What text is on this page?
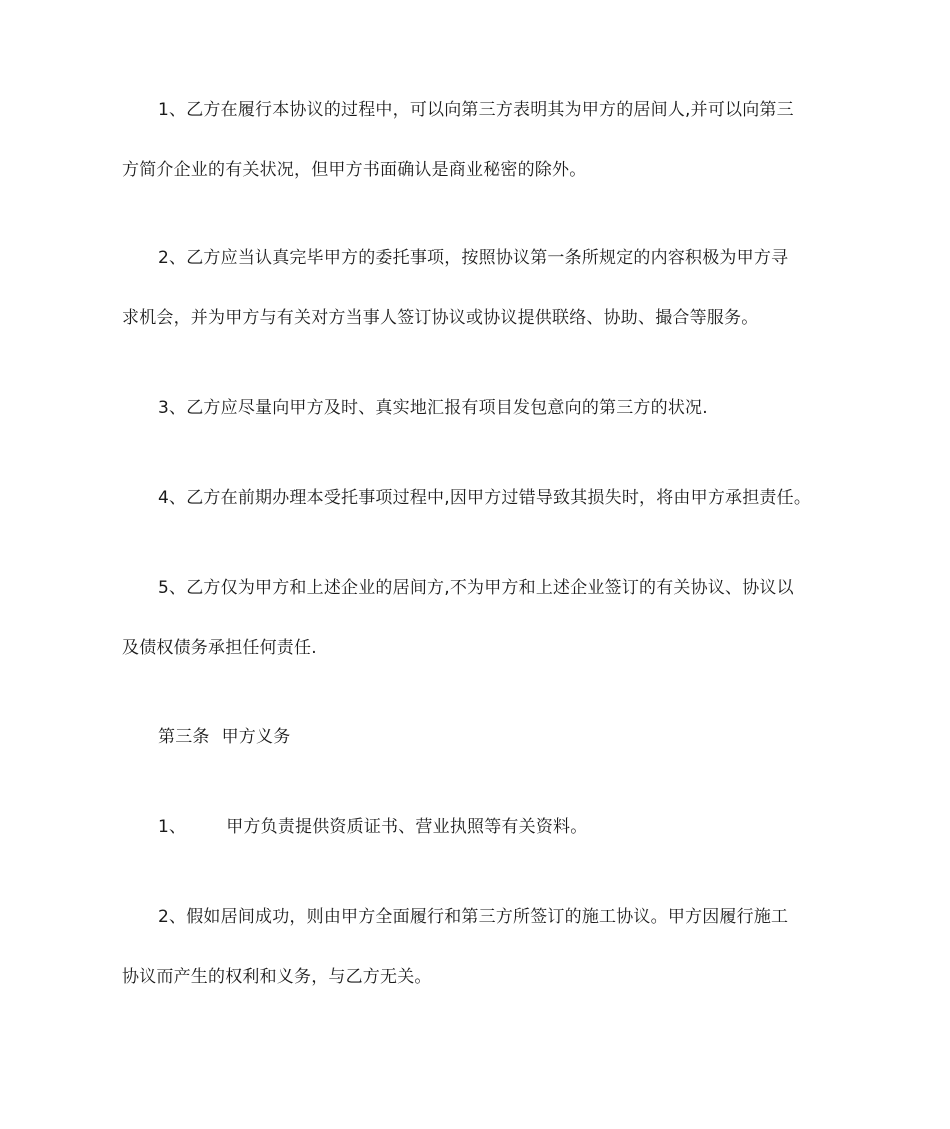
1、乙方在履行本协议的过程中，可以向第三方表明其为甲方的居间人,并可以向第三
方简介企业的有关状况，但甲方书面确认是商业秘密的除外。

2、乙方应当认真完毕甲方的委托事项，按照协议第一条所规定的内容积极为甲方寻
求机会，并为甲方与有关对方当事人签订协议或协议提供联络、协助、撮合等服务。

3、乙方应尽量向甲方及时、真实地汇报有项目发包意向的第三方的状况.

4、乙方在前期办理本受托事项过程中,因甲方过错导致其损失时，将由甲方承担责任。

5、乙方仅为甲方和上述企业的居间方,不为甲方和上述企业签订的有关协议、协议以
及债权债务承担任何责任.

第三条 甲方义务

1、 甲方负责提供资质证书、营业执照等有关资料。

2、假如居间成功，则由甲方全面履行和第三方所签订的施工协议。甲方因履行施工
协议而产生的权利和义务，与乙方无关。
